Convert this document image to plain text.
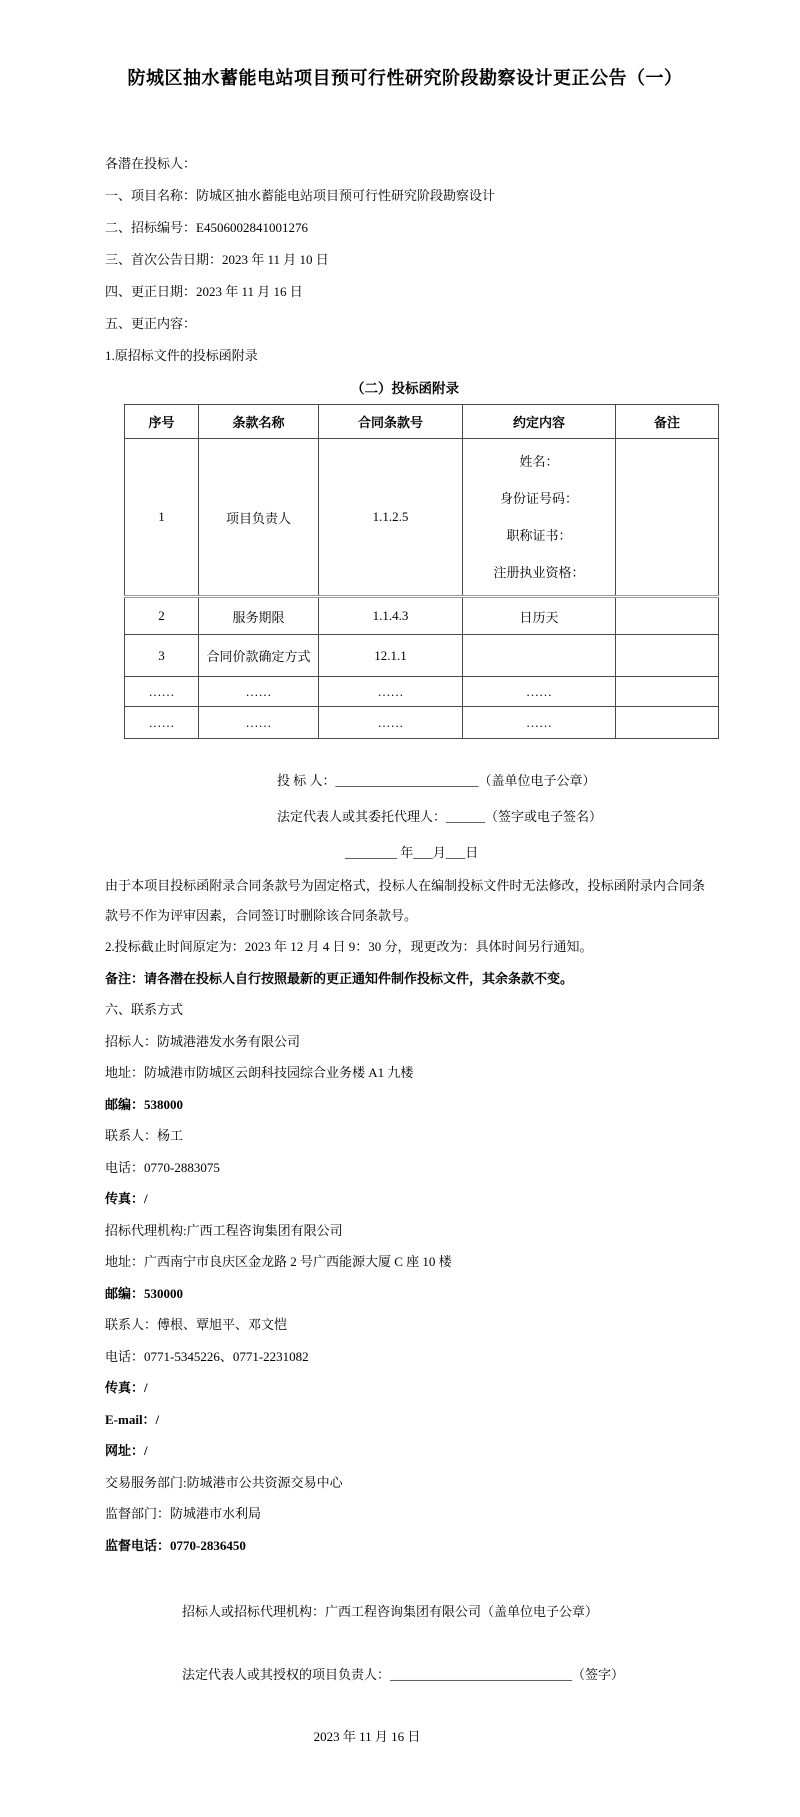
防城区抽水蓄能电站项目预可行性研究阶段勘察设计更正公告（一）

各潜在投标人：

一、项目名称：防城区抽水蓄能电站项目预可行性研究阶段勘察设计

二、招标编号：E4506002841001276

三、首次公告日期：2023 年 11 月 10 日

四、更正日期：2023 年 11 月 16 日

五、更正内容：

1.原招标文件的投标函附录

（二）投标函附录

序号	条款名称	合同条款号	约定内容	备注
1	项目负责人	1.1.2.5	姓名：
身份证号码：
职称证书：
注册执业资格：	

2	服务期限	1.1.4.3	日历天	
3	合同价款确定方式	12.1.1		
……	……	……	……	
……	……	……	……	

投 标 人：______________________（盖单位电子公章）

法定代表人或其委托代理人：______（签字或电子签名）

________ 年___月___日

由于本项目投标函附录合同条款号为固定格式，投标人在编制投标文件时无法修改，投标函附录内合同条款号不作为评审因素，合同签订时删除该合同条款号。

2.投标截止时间原定为：2023 年 12 月 4 日 9：30 分，现更改为：具体时间另行通知。

备注：请各潜在投标人自行按照最新的更正通知件制作投标文件，其余条款不变。

六、联系方式

招标人：防城港港发水务有限公司

地址：防城港市防城区云朗科技园综合业务楼 A1 九楼

邮编：538000

联系人：杨工

电话：0770-2883075

传真：/

招标代理机构:广西工程咨询集团有限公司

地址：广西南宁市良庆区金龙路 2 号广西能源大厦 C 座 10 楼

邮编：530000

联系人：傅根、覃旭平、邓文恺

电话：0771-5345226、0771-2231082

传真：/

E-mail：/

网址：/

交易服务部门:防城港市公共资源交易中心

监督部门：防城港市水利局

监督电话：0770-2836450

招标人或招标代理机构：广西工程咨询集团有限公司（盖单位电子公章）

法定代表人或其授权的项目负责人：____________________________（签字）

2023 年 11 月 16 日
